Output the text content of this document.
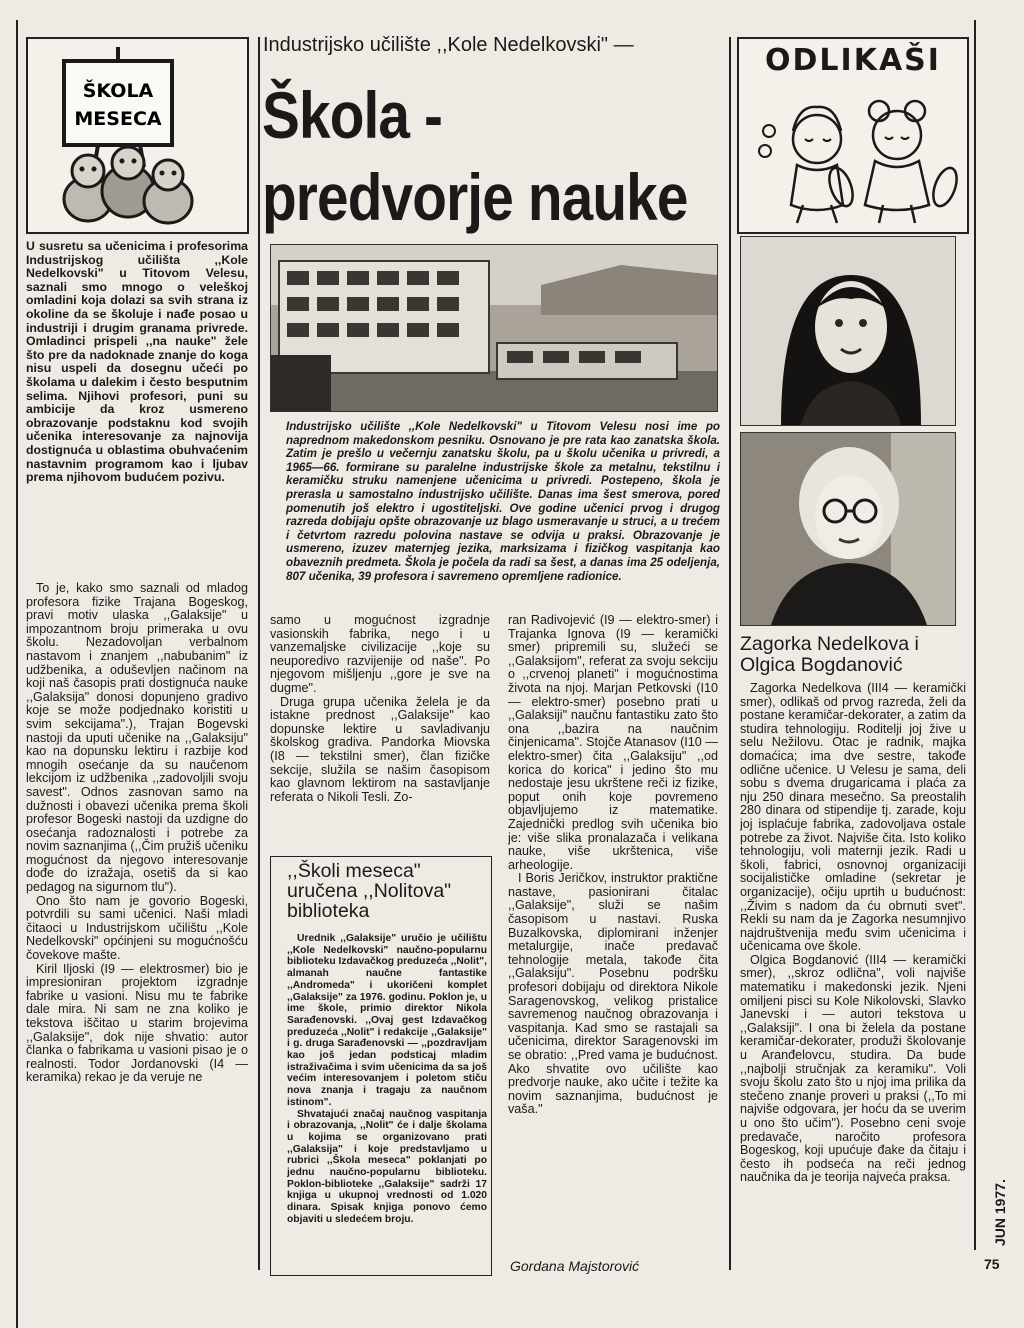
ŠKOLA
MESECA
ODLIKAŠI
Industrijsko učilište ,,Kole Nedelkovski" —
Škola -
predvorje nauke

U susretu sa učenicima i profesorima Industrijskog učilišta ,,Kole Nedelkovski" u Titovom Velesu, saznali smo mnogo o veleškoj omladini koja dolazi sa svih strana iz okoline da se školuje i nađe posao u industriji i drugim granama privrede. Omladinci prispeli ,,na nauke" žele što pre da nadoknade znanje do koga nisu uspeli da dosegnu učeći po školama u dalekim i često besputnim selima. Njihovi profesori, puni su ambicije da kroz usmereno obrazovanje podstaknu kod svojih učenika interesovanje za najnovija dostignuća u oblastima obuhvaćenim nastavnim programom kao i ljubav prema njihovom budućem pozivu.

To je, kako smo saznali od mladog profesora fizike Trajana Bogeskog, pravi motiv ulaska ,,Galaksije" u impozantnom broju primeraka u ovu školu. Nezadovoljan verbalnom nastavom i znanjem ,,nabubanim" iz udžbenika, a oduševljen načinom na koji naš časopis prati dostignuća nauke ,,Galaksija" donosi dopunjeno gradivo koje se može podjednako koristiti u svim sekcijama".), Trajan Bogevski nastoji da uputi učenike na ,,Galaksiju" kao na dopunsku lektiru i razbije kod mnogih osećanje da su naučenom lekcijom iz udžbenika ,,zadovoljili svoju savest". Odnos zasnovan samo na dužnosti i obavezi učenika prema školi profesor Bogeski nastoji da uzdigne do osećanja radoznalosti i potrebe za novim saznanjima (,,Čim pružiš učeniku mogućnost da njegovo interesovanje dođe do izražaja, osetiš da si kao pedagog na sigurnom tlu").

Ono što nam je govorio Bogeski, potvrdili su sami učenici. Naši mladi čitaoci u Industrijskom učilištu ,,Kole Nedelkovski" općinjeni su mogućnošću čovekove mašte.

Kiril Iljoski (I9 — elektrosmer) bio je impresioniran projektom izgradnje fabrike u vasioni. Nisu mu te fabrike dale mira. Ni sam ne zna koliko je tekstova iščitao u starim brojevima ,,Galaksije", dok nije shvatio: autor članka o fabrikama u vasioni pisao je o realnosti. Todor Jordanovski (I4 — keramika) rekao je da veruje ne

Industrijsko učilište ,,Kole Nedelkovski" u Titovom Velesu nosi ime po naprednom makedonskom pesniku. Osnovano je pre rata kao zanatska škola. Zatim je prešlo u večernju zanatsku školu, pa u školu učenika u privredi, a 1965—66. formirane su paralelne industrijske škole za metalnu, tekstilnu i keramičku struku namenjene učenicima u privredi. Postepeno, škola je prerasla u samostalno industrijsko učilište. Danas ima šest smerova, pored pomenutih još elektro i ugostiteljski. Ove godine učenici prvog i drugog razreda dobijaju opšte obrazovanje uz blago usmeravanje u struci, a u trećem i četvrtom razredu polovina nastave se odvija u praksi. Obrazovanje je usmereno, izuzev maternjeg jezika, marksizama i fizičkog vaspitanja kao obaveznih predmeta. Škola je počela da radi sa šest, a danas ima 25 odeljenja, 807 učenika, 39 profesora i savremeno opremljene radionice.

samo u mogućnost izgradnje vasionskih fabrika, nego i u vanzemaljske civilizacije ,,koje su neuporedivo razvijenije od naše". Po njegovom mišljenju ,,gore je sve na dugme".

Druga grupa učenika želela je da istakne prednost ,,Galaksije" kao dopunske lektire u savladivanju školskog gradiva. Pandorka Miovska (I8 — tekstilni smer), član fizičke sekcije, služila se našim časopisom kao glavnom lektirom na sastavljanje referata o Nikoli Tesli. Zo-

,,Školi meseca" uručena ,,Nolitova" biblioteka

Urednik ,,Galaksije" uručio je učilištu ,,Kole Nedelkovski" naučno-popularnu biblioteku Izdavačkog preduzeća ,,Nolit", almanah naučne fantastike ,,Andromeda" i ukoričeni komplet ,,Galaksije" za 1976. godinu. Poklon je, u ime škole, primio direktor Nikola Sarađenovski. ,,Ovaj gest Izdavačkog preduzeća ,,Nolit" i redakcije ,,Galaksije" i g. druga Sarađenovski — ,,pozdravljam kao još jedan podsticaj mladim istraživačima i svim učenicima da sa još većim interesovanjem i poletom stiču nova znanja i tragaju za naučnom istinom".

Shvatajući značaj naučnog vaspitanja i obrazovanja, ,,Nolit" će i dalje školama u kojima se organizovano prati ,,Galaksija" i koje predstavljamo u rubrici ,,Škola meseca" poklanjati po jednu naučno-popularnu biblioteku. Poklon-biblioteke ,,Galaksije" sadrži 17 knjiga u ukupnoj vrednosti od 1.020 dinara. Spisak knjiga ponovo ćemo objaviti u sledećem broju.

ran Radivojević (I9 — elektro-smer) i Trajanka Ignova (I9 — keramički smer) pripremili su, služeći se ,,Galaksijom", referat za svoju sekciju o ,,crvenoj planeti" i mogućnostima života na njoj. Marjan Petkovski (I10 — elektro-smer) posebno prati u ,,Galaksiji" naučnu fantastiku zato što ona ,,bazira na naučnim činjenicama". Stojče Atanasov (I10 — elektro-smer) čita ,,Galaksiju" ,,od korica do korica" i jedino što mu nedostaje jesu ukrštene reči iz fizike, poput onih koje povremeno objavljujemo iz matematike. Zajednički predlog svih učenika bio je: više slika pronalazača i velikana nauke, više ukrštenica, više arheologije.

I Boris Jeričkov, instruktor praktične nastave, pasionirani čitalac ,,Galaksije", služi se našim časopisom u nastavi. Ruska Buzalkovska, diplomirani inženjer metalurgije, inače predavač tehnologije metala, takođe čita ,,Galaksiju". Posebnu podršku profesori dobijaju od direktora Nikole Saragenovskog, velikog pristalice savremenog naučnog obrazovanja i vaspitanja. Kad smo se rastajali sa učenicima, direktor Saragenovski im se obratio: ,,Pred vama je budućnost. Ako shvatite ovo učilište kao predvorje nauke, ako učite i težite ka novim saznanjima, budućnost je vaša."

Gordana Majstorović
Zagorka Nedelkova i Olgica Bogdanović

Zagorka Nedelkova (III4 — keramički smer), odlikaš od prvog razreda, želi da postane keramičar-dekorater, a zatim da studira tehnologiju. Roditelji joj žive u selu Nežilovu. Otac je radnik, majka domaćica; ima dve sestre, takođe odlične učenice. U Velesu je sama, deli sobu s dvema drugaricama i plaća za nju 250 dinara mesečno. Sa preostalih 280 dinara od stipendije tj. zarade, koju joj isplaćuje fabrika, zadovoljava ostale potrebe za život. Najviše čita. Isto koliko tehnologiju, voli maternji jezik. Radi u školi, fabrici, osnovnoj organizaciji socijalističke omladine (sekretar je organizacije), očiju uprtih u budućnost: ,,Živim s nadom da ću obrnuti svet". Rekli su nam da je Zagorka nesumnjivo najdruštvenija među svim učenicima i učenicama ove škole.

Olgica Bogdanović (III4 — keramički smer), ,,skroz odlična", voli najviše matematiku i makedonski jezik. Njeni omiljeni pisci su Kole Nikolovski, Slavko Janevski i — autori tekstova u ,,Galaksiji". I ona bi želela da postane keramičar-dekorater, produži školovanje u Aranđelovcu, studira. Da bude ,,najbolji stručnjak za keramiku". Voli svoju školu zato što u njoj ima prilika da stečeno znanje proveri u praksi (,,To mi najviše odgovara, jer hoću da se uverim u ono što učim"). Posebno ceni svoje predavače, naročito profesora Bogeskog, koji upućuje đake da čitaju i često ih podseća na reči jednog naučnika da je teorija najveća praksa.

JUN 1977.
75
